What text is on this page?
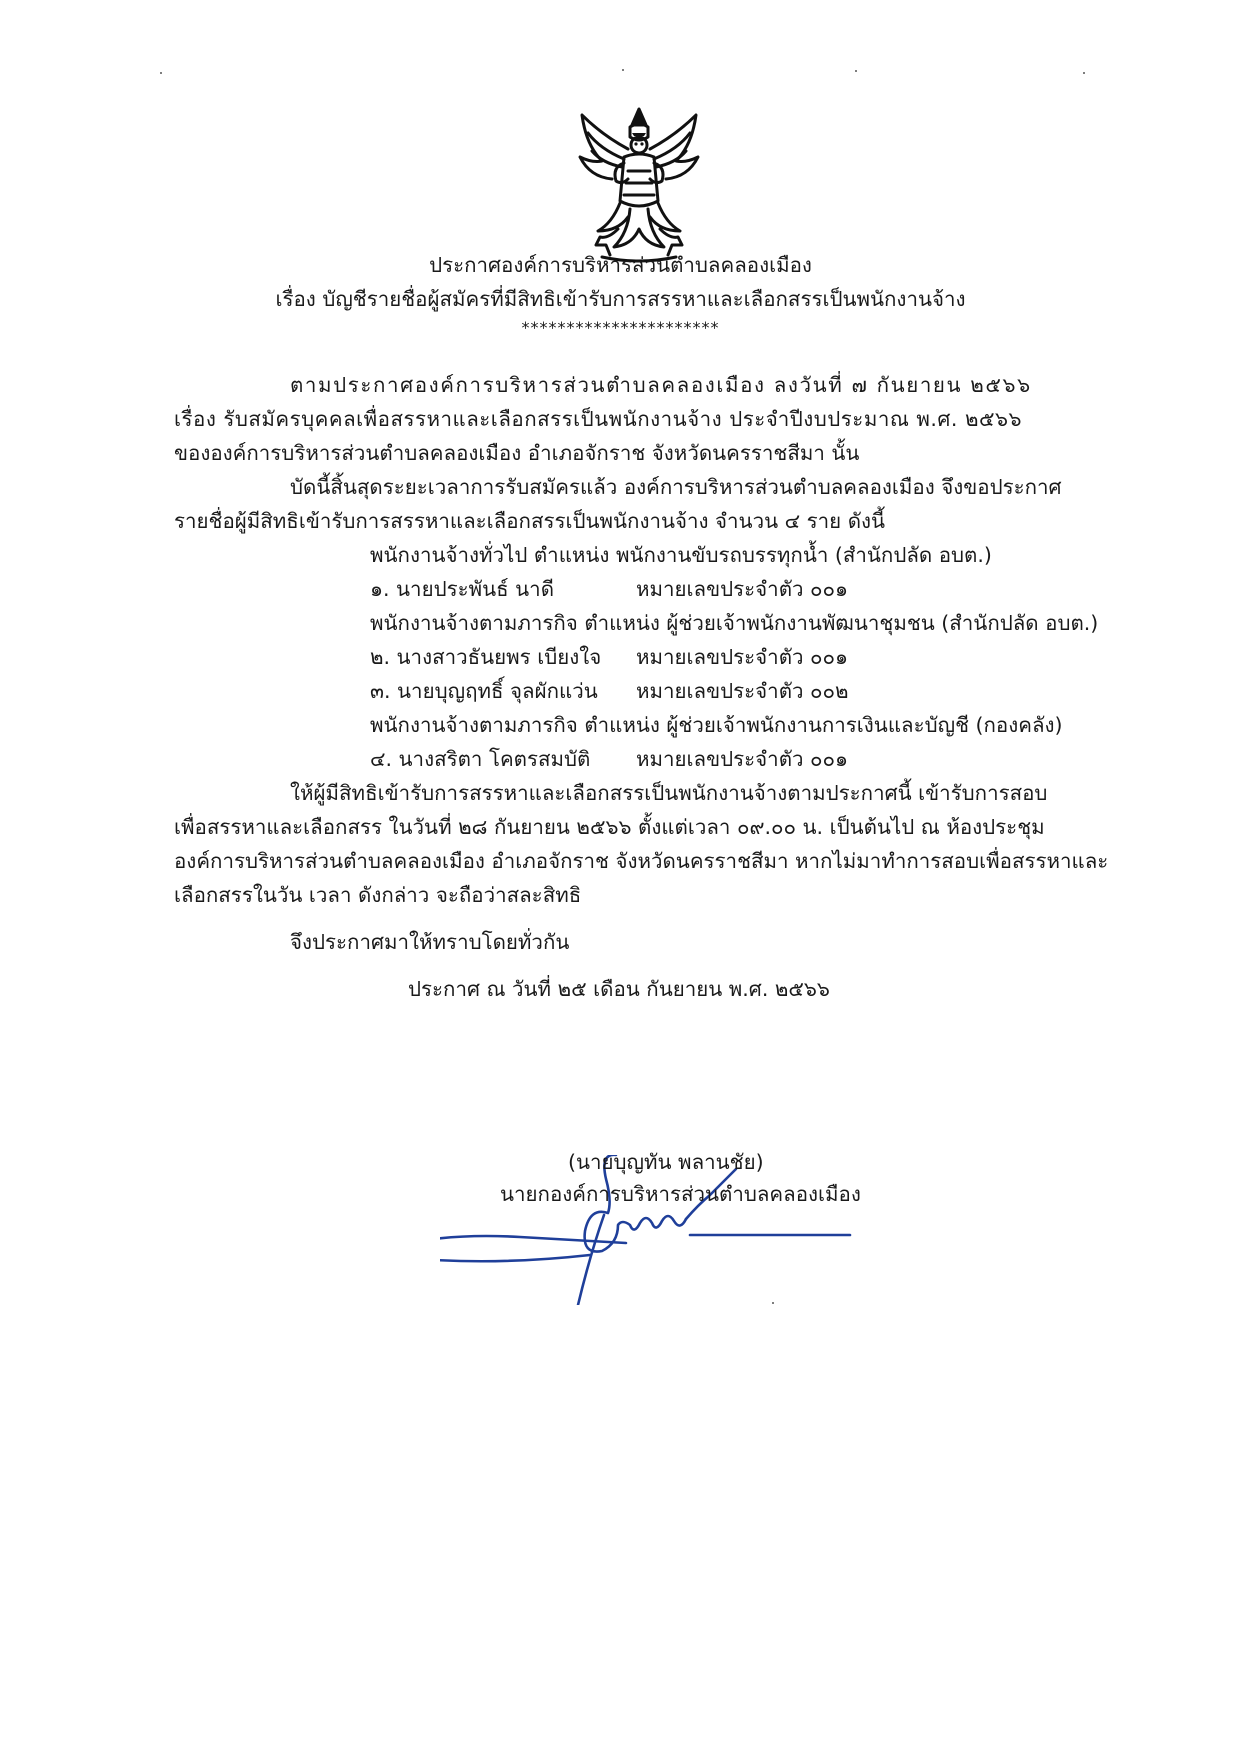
ประกาศองค์การบริหารส่วนตำบลคลองเมือง
เรื่อง บัญชีรายชื่อผู้สมัครที่มีสิทธิเข้ารับการสรรหาและเลือกสรรเป็นพนักงานจ้าง
**********************
ตามประกาศองค์การบริหารส่วนตำบลคลองเมือง ลงวันที่ ๗ กันยายน ๒๕๖๖
เรื่อง รับสมัครบุคคลเพื่อสรรหาและเลือกสรรเป็นพนักงานจ้าง ประจำปีงบประมาณ พ.ศ. ๒๕๖๖
ขององค์การบริหารส่วนตำบลคลองเมือง อำเภอจักราช จังหวัดนครราชสีมา นั้น
บัดนี้สิ้นสุดระยะเวลาการรับสมัครแล้ว องค์การบริหารส่วนตำบลคลองเมือง จึงขอประกาศ
รายชื่อผู้มีสิทธิเข้ารับการสรรหาและเลือกสรรเป็นพนักงานจ้าง จำนวน ๔ ราย ดังนี้
พนักงานจ้างทั่วไป ตำแหน่ง พนักงานขับรถบรรทุกน้ำ (สำนักปลัด อบต.)
๑. นายประพันธ์ นาดี	หมายเลขประจำตัว ๐๐๑
พนักงานจ้างตามภารกิจ ตำแหน่ง ผู้ช่วยเจ้าพนักงานพัฒนาชุมชน (สำนักปลัด อบต.)
๒. นางสาวธันยพร เบียงใจ หมายเลขประจำตัว ๐๐๑
๓. นายบุญฤทธิ์ จุลผักแว่น หมายเลขประจำตัว ๐๐๒
พนักงานจ้างตามภารกิจ ตำแหน่ง ผู้ช่วยเจ้าพนักงานการเงินและบัญชี (กองคลัง)
๔. นางสริตา โคตรสมบัติ หมายเลขประจำตัว ๐๐๑
ให้ผู้มีสิทธิเข้ารับการสรรหาและเลือกสรรเป็นพนักงานจ้างตามประกาศนี้ เข้ารับการสอบ
เพื่อสรรหาและเลือกสรร ในวันที่ ๒๘ กันยายน ๒๕๖๖ ตั้งแต่เวลา ๐๙.๐๐ น. เป็นต้นไป ณ ห้องประชุม
องค์การบริหารส่วนตำบลคลองเมือง อำเภอจักราช จังหวัดนครราชสีมา หากไม่มาทำการสอบเพื่อสรรหาและ
เลือกสรรในวัน เวลา ดังกล่าว จะถือว่าสละสิทธิ
จึงประกาศมาให้ทราบโดยทั่วกัน
ประกาศ ณ วันที่ ๒๕ เดือน กันยายน พ.ศ. ๒๕๖๖
(นายบุญทัน พลานชัย)
นายกองค์การบริหารส่วนตำบลคลองเมือง
